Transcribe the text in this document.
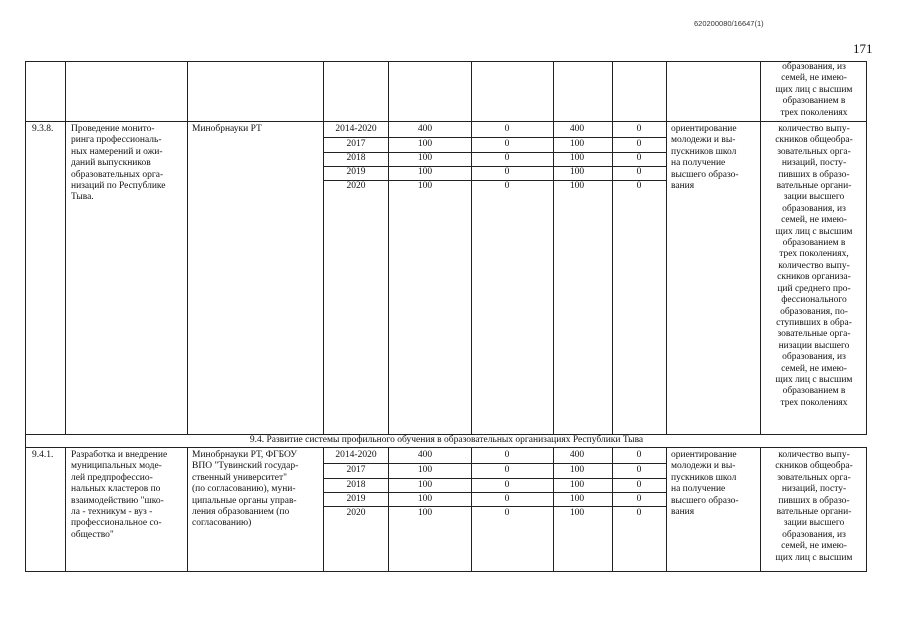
620200080/16647(1)
171
образования, из
семей, не имею-
щих лиц с высшим
образованием в
трех поколениях
9.3.8. Проведение монито-
ринга профессиональ-
ных намерений и ожи-
даний выпускников
образовательных орга-
низаций по Республике
Тыва.
Минобрнауки РТ	2014-2020
2017
2018
2019
2020
400
100
100
100
100
0
0
0
0
0
400
100
100
100
100
0
0
0
0
0
ориентирование
молодежи и вы-
пускников школ
на получение
высшего образо-
вания
количество выпу-
скников общеобра-
зовательных орга-
низаций, посту-
пивших в образо-
вательные органи-
зации высшего
образования, из
семей, не имею-
щих лиц с высшим
образованием в
трех поколениях,
количество выпу-
скников организа-
ций среднего про-
фессионального
образования, по-
ступивших в обра-
зовательные орга-
низации высшего
образования, из
семей, не имею-
щих лиц с высшим
образованием в
трех поколениях
9.4. Развитие системы профильного обучения в образовательных организациях Республики Тыва
9.4.1. Разработка и внедрение
муниципальных моде-
лей предпрофессио-
нальных кластеров по
взаимодействию "шко-
ла - техникум - вуз -
профессиональное со-
общество"
Минобрнауки РТ, ФГБОУ
ВПО "Тувинский государ-
ственный университет"
(по согласованию), муни-
ципальные органы управ-
ления образованием (по
согласованию)
2014-2020
2017
2018
2019
2020
400
100
100
100
100
0
0
0
0
0
400
100
100
100
100
0
0
0
0
0
ориентирование
молодежи и вы-
пускников школ
на получение
высшего образо-
вания
количество выпу-
скников общеобра-
зовательных орга-
низаций, посту-
пивших в образо-
вательные органи-
зации высшего
образования, из
семей, не имею-
щих лиц с высшим
